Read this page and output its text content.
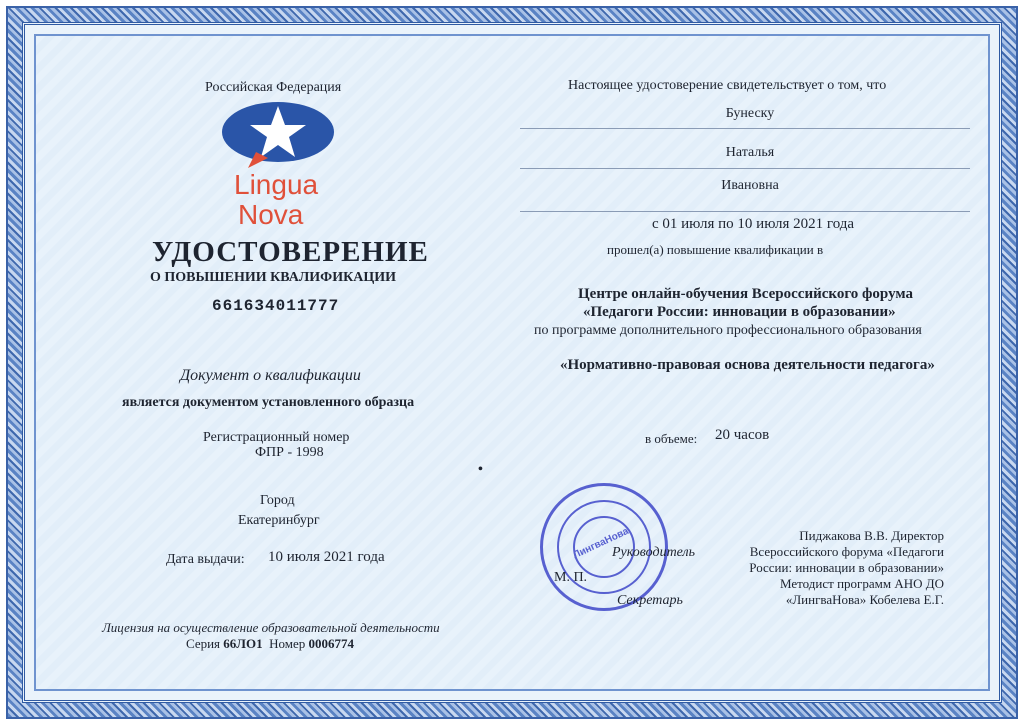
Российская Федерация
Lingua
Nova
УДОСТОВЕРЕНИЕ
О ПОВЫШЕНИИ КВАЛИФИКАЦИИ
661634011777
Документ о квалификации
является документом установленного образца
Регистрационный номер
ФПР - 1998
Город
Екатеринбург
Дата выдачи: 10 июля 2021 года
Лицензия на осуществление образовательной деятельности
Серия 66ЛО1 Номер 0006774
Настоящее удостоверение свидетельствует о том, что
Бунеску
Наталья
Ивановна
с 01 июля по 10 июля 2021 года
прошел(а) повышение квалификации в
Центре онлайн-обучения Всероссийского форума
«Педагоги России: инновации в образовании»
по программе дополнительного профессионального образования
«Нормативно-правовая основа деятельности педагога»
в объеме: 20 часов
•
ЛингваНова
Руководитель
М. П.
Секретарь
Пиджакова В.В. Директор
Всероссийского форума «Педагоги
России: инновации в образовании»
Методист программ АНО ДО
«ЛингваНова» Кобелева Е.Г.
